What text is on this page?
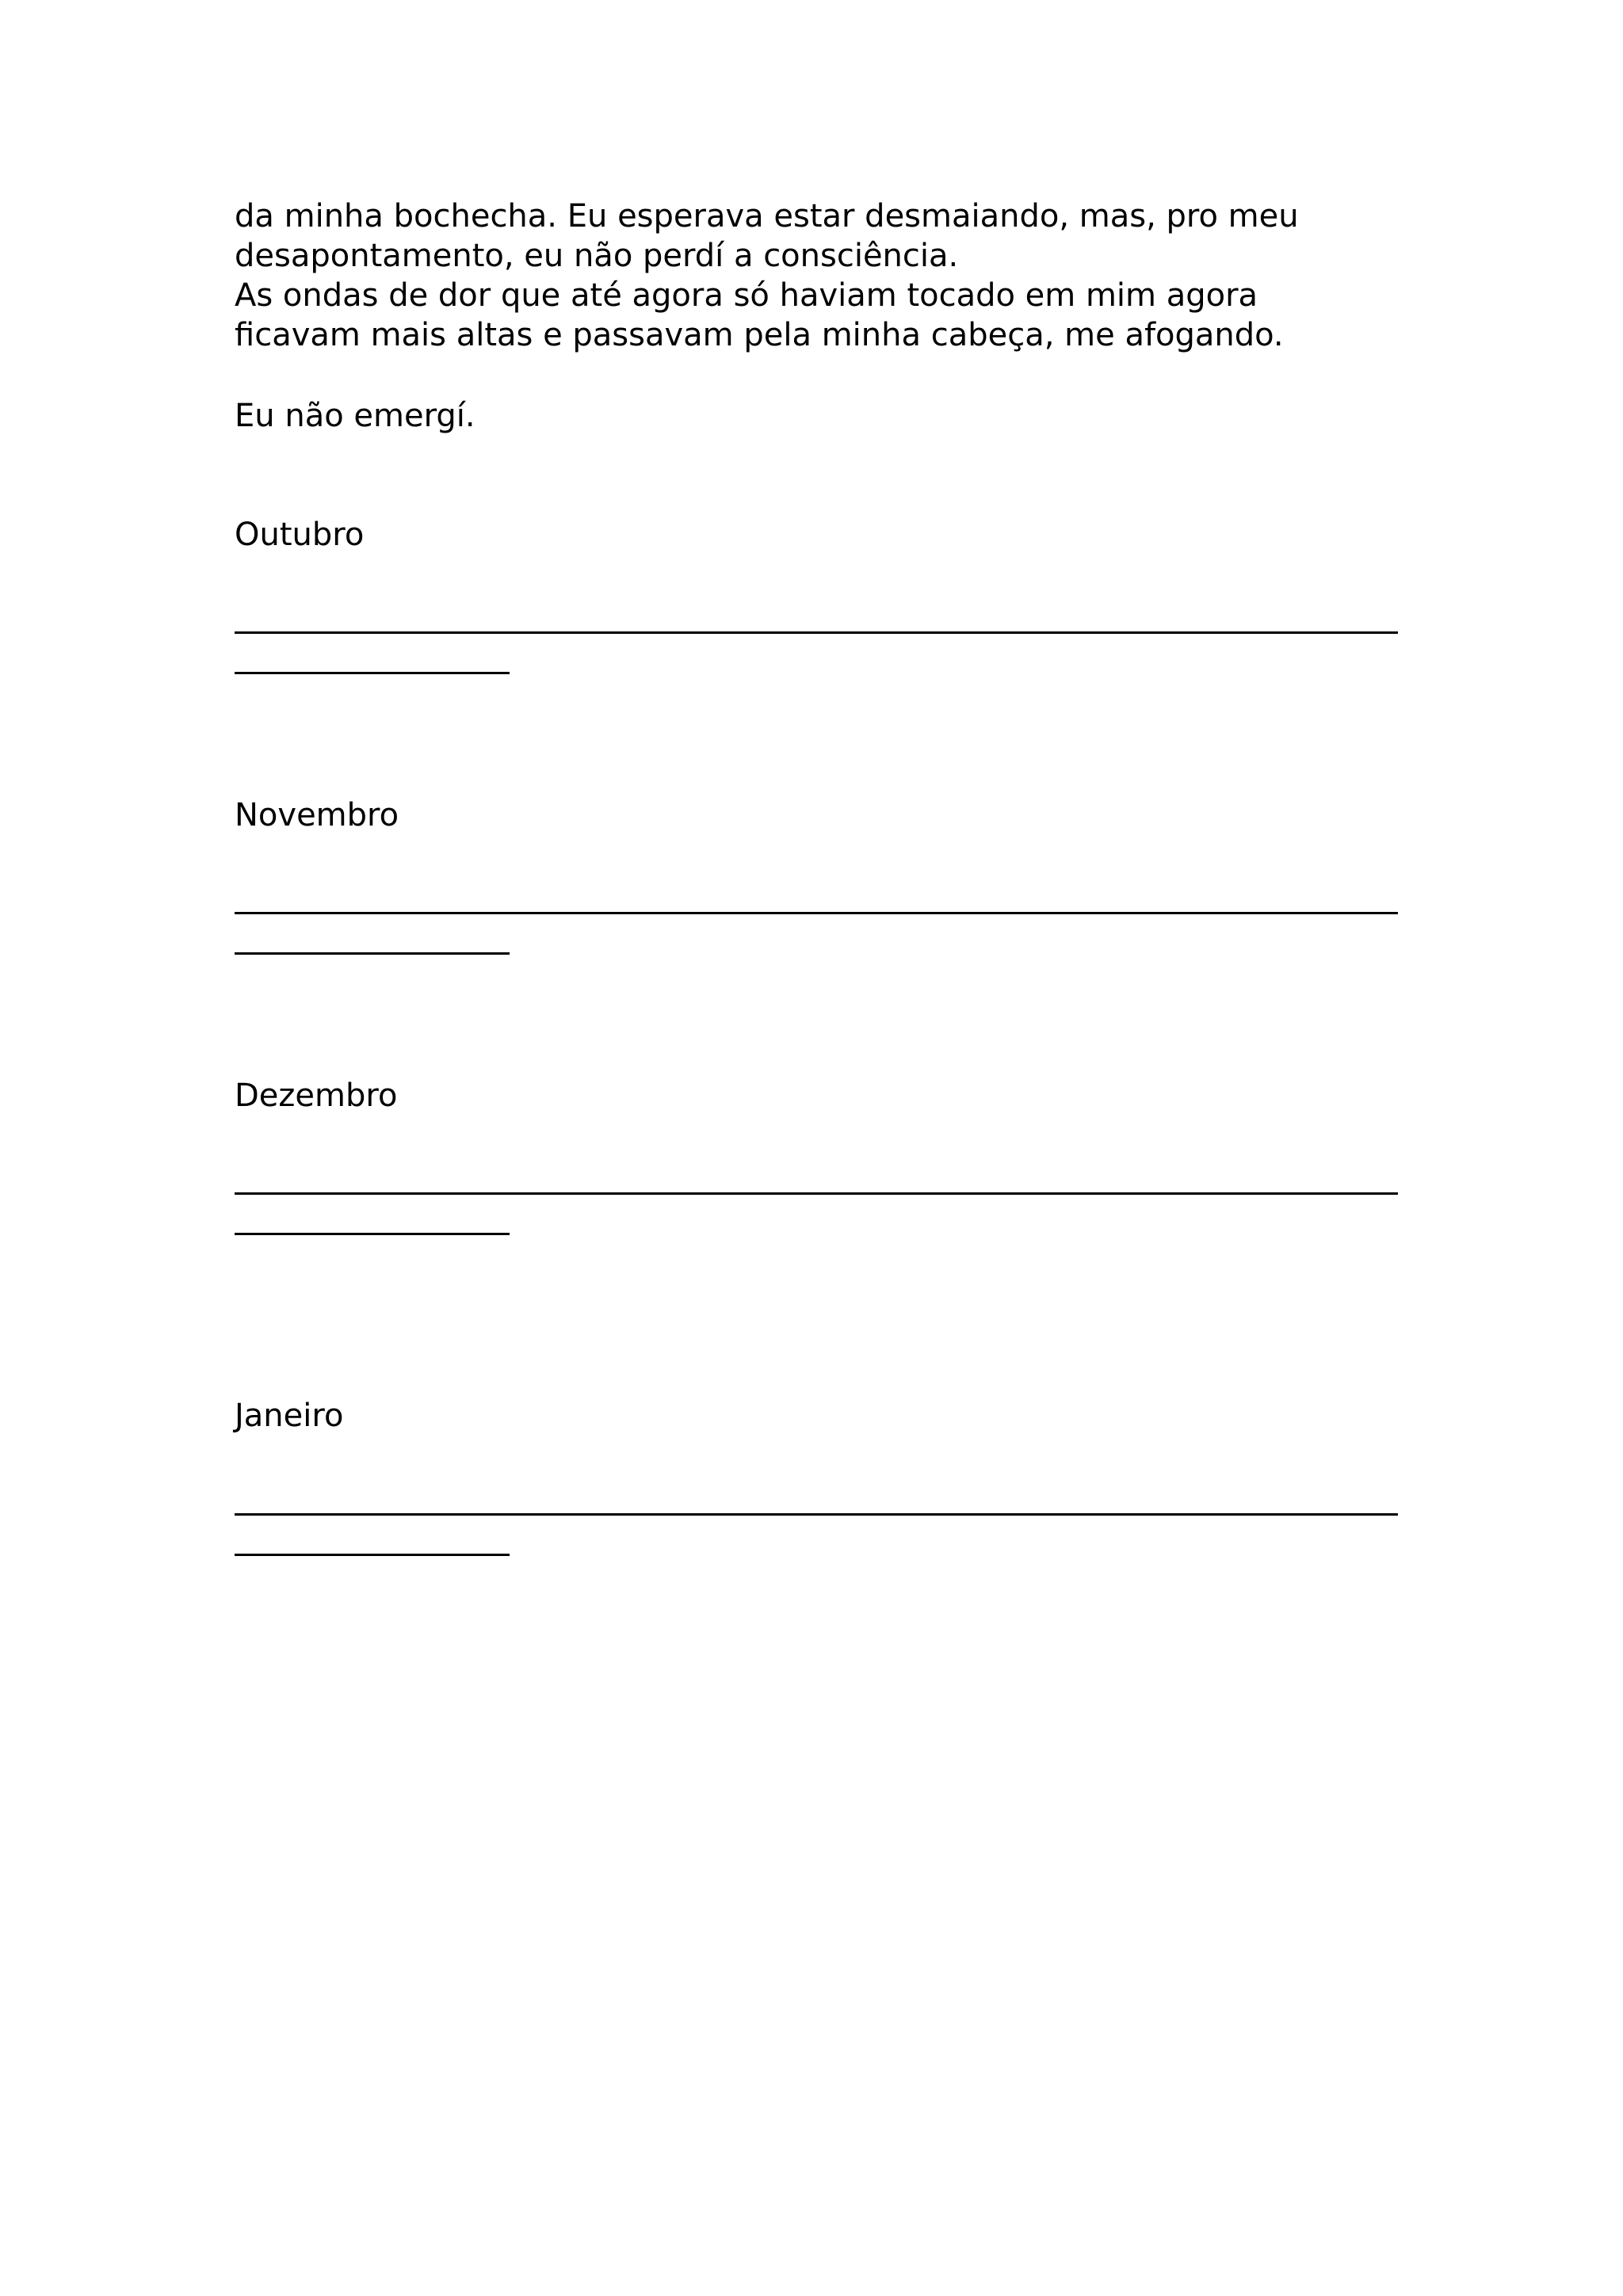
da minha bochecha. Eu esperava estar desmaiando, mas, pro meu

desapontamento, eu não perdí a consciência.

As ondas de dor que até agora só haviam tocado em mim agora

ficavam mais altas e passavam pela minha cabeça, me afogando.

Eu não emergí.

Outubro

Novembro

Dezembro

Janeiro
